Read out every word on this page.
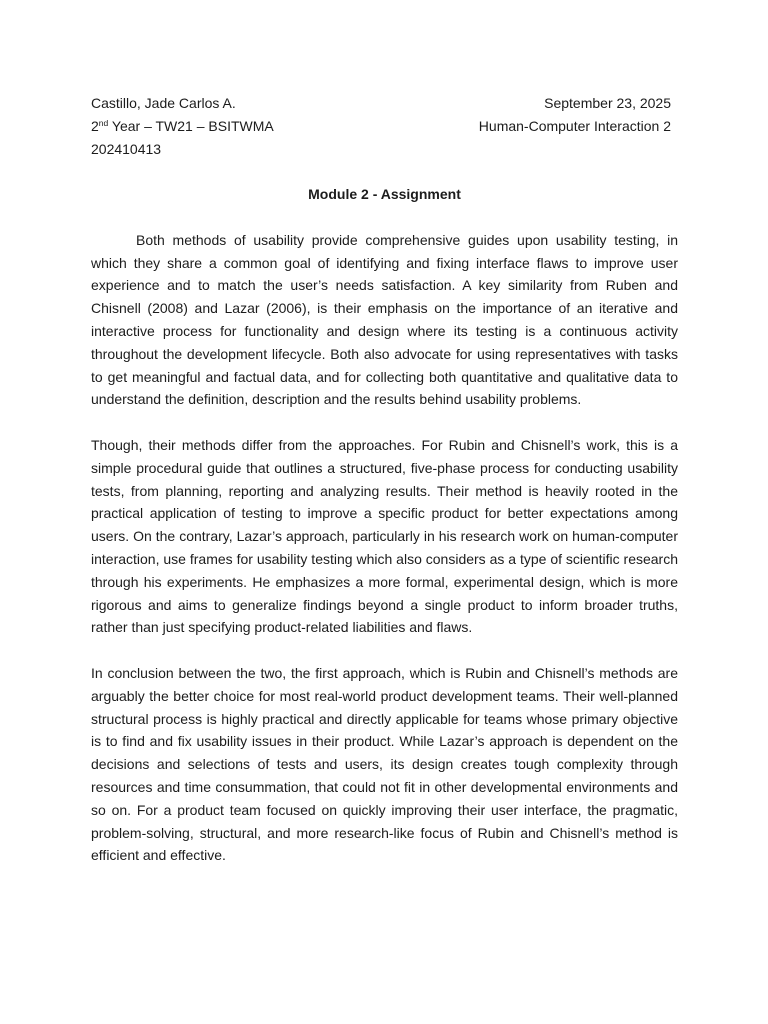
Castillo, Jade Carlos A.	September 23, 2025
2nd Year – TW21 – BSITWMA	Human-Computer Interaction 2
202410413
Module 2 - Assignment

Both methods of usability provide comprehensive guides upon usability testing, in which they share a common goal of identifying and fixing interface flaws to improve user experience and to match the user’s needs satisfaction. A key similarity from Ruben and Chisnell (2008) and Lazar (2006), is their emphasis on the importance of an iterative and interactive process for functionality and design where its testing is a continuous activity throughout the development lifecycle. Both also advocate for using representatives with tasks to get meaningful and factual data, and for collecting both quantitative and qualitative data to understand the definition, description and the results behind usability problems.

Though, their methods differ from the approaches. For Rubin and Chisnell’s work, this is a simple procedural guide that outlines a structured, five-phase process for conducting usability tests, from planning, reporting and analyzing results. Their method is heavily rooted in the practical application of testing to improve a specific product for better expectations among users. On the contrary, Lazar’s approach, particularly in his research work on human-computer interaction, use frames for usability testing which also considers as a type of scientific research through his experiments. He emphasizes a more formal, experimental design, which is more rigorous and aims to generalize findings beyond a single product to inform broader truths, rather than just specifying product-related liabilities and flaws.

In conclusion between the two, the first approach, which is Rubin and Chisnell’s methods are arguably the better choice for most real-world product development teams. Their well-planned structural process is highly practical and directly applicable for teams whose primary objective is to find and fix usability issues in their product. While Lazar’s approach is dependent on the decisions and selections of tests and users, its design creates tough complexity through resources and time consummation, that could not fit in other developmental environments and so on. For a product team focused on quickly improving their user interface, the pragmatic, problem-solving, structural, and more research-like focus of Rubin and Chisnell’s method is efficient and effective.
